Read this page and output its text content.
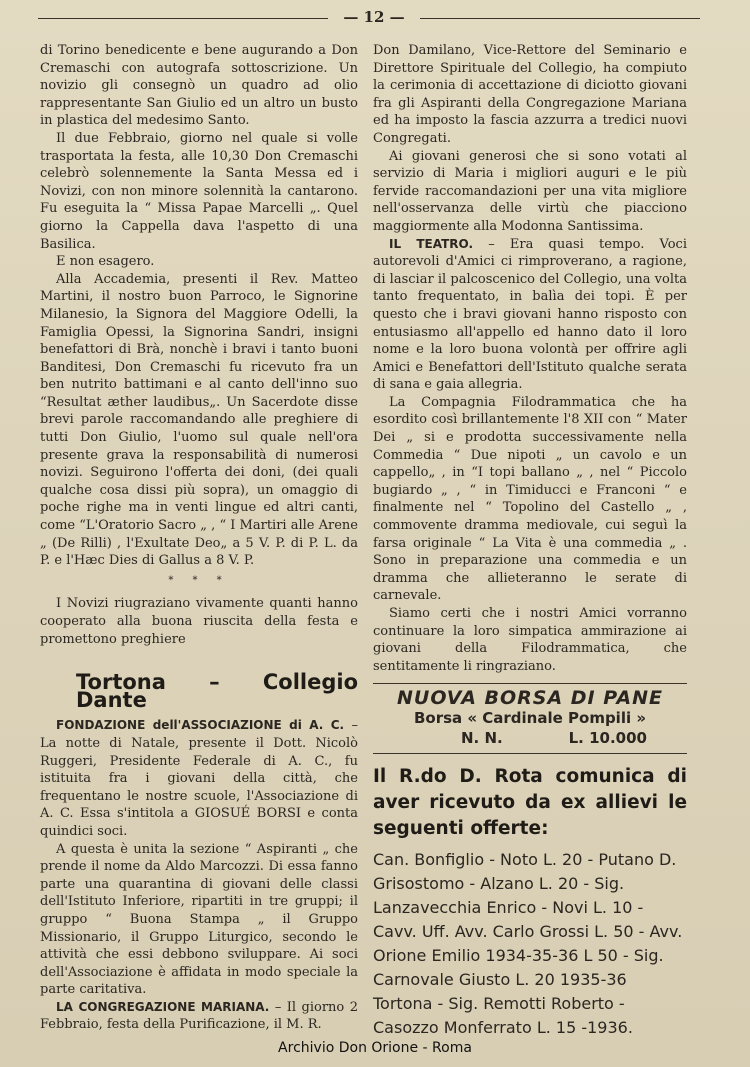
— 12 —

di Torino benedicente e bene augurando a Don Cremaschi con autografa sottoscrizione. Un novizio gli consegnò un quadro ad olio rappresentante San Giulio ed un altro un busto in plastica del medesimo Santo.

Il due Febbraio, giorno nel quale si volle trasportata la festa, alle 10,30 Don Cremaschi celebrò solennemente la Santa Messa ed i Novizi, con non minore solennità la cantarono. Fu eseguita la “ Missa Papae Marcelli „. Quel giorno la Cappella dava l'aspetto di una Basilica.

E non esagero.

Alla Accademia, presenti il Rev. Matteo Martini, il nostro buon Parroco, le Signorine Milanesio, la Signora del Maggiore Odelli, la Famiglia Opessi, la Signorina Sandri, insigni benefattori di Brà, nonchè i bravi i tanto buoni Banditesi, Don Cremaschi fu ricevuto fra un ben nutrito battimani e al canto dell'inno suo “Resultat æther laudibus„. Un Sacerdote disse brevi parole raccomandando alle preghiere di tutti Don Giulio, l'uomo sul quale nell'ora presente grava la responsabilità di numerosi novizi. Seguirono l'offerta dei doni, (dei quali qualche cosa dissi più sopra), un omaggio di poche righe ma in venti lingue ed altri canti, come “L'Oratorio Sacro „ , “ I Martiri alle Arene „ (De Rilli) , l'Exultate Deo„ a 5 V. P. di P. L. da P. e l'Hæc Dies di Gallus a 8 V. P.

* * *

I Novizi riugraziano vivamente quanti hanno cooperato alla buona riuscita della festa e promettono preghiere

Tortona – Collegio Dante

FONDAZIONE dell'ASSOCIAZIONE di A. C. – La notte di Natale, presente il Dott. Nicolò Ruggeri, Presidente Federale di A. C., fu istituita fra i giovani della città, che frequentano le nostre scuole, l'Associazione di A. C. Essa s'intitola a GIOSUÉ BORSI e conta quindici soci.

A questa è unita la sezione “ Aspiranti „ che prende il nome da Aldo Marcozzi. Di essa fanno parte una quarantina di giovani delle classi dell'Istituto Inferiore, ripartiti in tre gruppi; il gruppo “ Buona Stampa „ il Gruppo Missionario, il Gruppo Liturgico, secondo le attività che essi debbono sviluppare. Ai soci dell'Associazione è affidata in modo speciale la parte caritativa.

LA CONGREGAZIONE MARIANA. – Il giorno 2 Febbraio, festa della Purificazione, il M. R.

Don Damilano, Vice-Rettore del Seminario e Direttore Spirituale del Collegio, ha compiuto la cerimonia di accettazione di diciotto giovani fra gli Aspiranti della Congregazione Mariana ed ha imposto la fascia azzurra a tredici nuovi Congregati.

Ai giovani generosi che si sono votati al servizio di Maria i migliori auguri e le più fervide raccomandazioni per una vita migliore nell'osservanza delle virtù che piacciono maggiormente alla Modonna Santissima.

IL TEATRO. – Era quasi tempo. Voci autorevoli d'Amici ci rimproverano, a ragione, di lasciar il palcoscenico del Collegio, una volta tanto frequentato, in balìa dei topi. È per questo che i bravi giovani hanno risposto con entusiasmo all'appello ed hanno dato il loro nome e la loro buona volontà per offrire agli Amici e Benefattori dell'Istituto qualche serata di sana e gaia allegria.

La Compagnia Filodrammatica che ha esordito così brillantemente l'8 XII con “ Mater Dei „ si e prodotta successivamente nella Commedia “ Due nipoti „ un cavolo e un cappello„ , in “I topi ballano „ , nel “ Piccolo bugiardo „ , “ in Timiducci e Franconi “ e finalmente nel “ Topolino del Castello „ , commovente drammа mediovale, cui seguì la farsa originale “ La Vita è una commedia „ . Sono in preparazione una commedia e un dramma che allieteranno le serate di carnevale.

Siamo certi che i nostri Amici vorranno continuare la loro simpatica ammirazione ai giovani della Filodrammatica, che sentitamente li ringraziano.

NUOVA BORSA DI PANE
Borsa « Cardinale Pompili »
N. N.	L. 10.000
Il R.do D. Rota comunica di aver ricevuto da ex allievi le seguenti offerte:
Can. Bonfiglio - Noto L. 20 - Putano D. Grisostomo - Alzano L. 20 - Sig. Lanzavecchia Enrico - Novi L. 10 - Cavv. Uff. Avv. Carlo Grossi L. 50 - Avv. Orione Emilio 1934-35-36 L 50 - Sig. Carnovale Giusto L. 20 1935-36 Tortona - Sig. Remotti Roberto - Casozzo Monferrato L. 15 -1936.
Archivio Don Orione - Roma
